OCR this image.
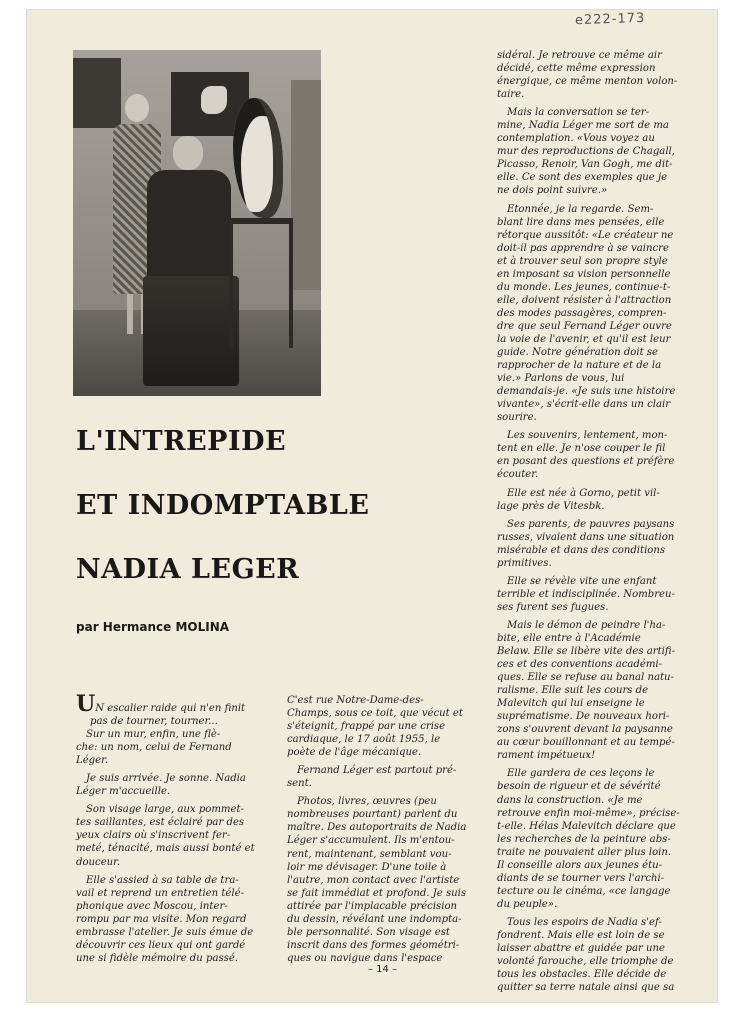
e222-173
L'INTREPIDE
ET INDOMPTABLE
NADIA LEGER
par Hermance MOLINA

UN escalier raide qui n'en finit

pas de tourner, tourner...

Sur un mur, enfin, une flè-

che: un nom, celui de Fernand

Léger.

Je suis arrivée. Je sonne. Nadia

Léger m'accueille.

Son visage large, aux pommet-

tes saillantes, est éclairé par des

yeux clairs où s'inscrivent fer-

meté, ténacité, mais aussi bonté et

douceur.

Elle s'assied à sa table de tra-

vail et reprend un entretien télé-

phonique avec Moscou, inter-

rompu par ma visite. Mon regard

embrasse l'atelier. Je suis émue de

découvrir ces lieux qui ont gardé

une si fidèle mémoire du passé.

C'est rue Notre-Dame-des-

Champs, sous ce toit, que vécut et

s'éteignit, frappé par une crise

cardiaque, le 17 août 1955, le

poète de l'âge mécanique.

Fernand Léger est partout pré-

sent.

Photos, livres, œuvres (peu

nombreuses pourtant) parlent du

maître. Des autoportraits de Nadia

Léger s'accumulent. Ils m'entou-

rent, maintenant, semblant vou-

loir me dévisager. D'une toile à

l'autre, mon contact avec l'artiste

se fait immédiat et profond. Je suis

attirée par l'implacable précision

du dessin, révélant une indompta-

ble personnalité. Son visage est

inscrit dans des formes géométri-

ques ou navigue dans l'espace

sidéral. Je retrouve ce même air

décidé, cette même expression

énergique, ce même menton volon-

taire.

Mais la conversation se ter-

mine, Nadia Léger me sort de ma

contemplation. «Vous voyez au

mur des reproductions de Chagall,

Picasso, Renoir, Van Gogh, me dit-

elle. Ce sont des exemples que je

ne dois point suivre.»

Etonnée, je la regarde. Sem-

blant lire dans mes pensées, elle

rétorque aussitôt: «Le créateur ne

doit-il pas apprendre à se vaincre

et à trouver seul son propre style

en imposant sa vision personnelle

du monde. Les jeunes, continue-t-

elle, doivent résister à l'attraction

des modes passagères, compren-

dre que seul Fernand Léger ouvre

la voie de l'avenir, et qu'il est leur

guide. Notre génération doit se

rapprocher de la nature et de la

vie.» Parlons de vous, lui

demandais-je. «Je suis une histoire

vivante», s'écrit-elle dans un clair

sourire.

Les souvenirs, lentement, mon-

tent en elle. Je n'ose couper le fil

en posant des questions et préfère

écouter.

Elle est née à Gorno, petit vil-

lage près de Vitesbk.

Ses parents, de pauvres paysans

russes, vivaient dans une situation

misérable et dans des conditions

primitives.

Elle se révèle vite une enfant

terrible et indisciplinée. Nombreu-

ses furent ses fugues.

Mais le démon de peindre l'ha-

bite, elle entre à l'Académie

Belaw. Elle se libère vite des artifi-

ces et des conventions académi-

ques. Elle se refuse au banal natu-

ralisme. Elle suit les cours de

Malevitch qui lui enseigne le

suprématisme. De nouveaux hori-

zons s'ouvrent devant la paysanne

au cœur bouillonnant et au tempé-

rament impétueux!

Elle gardera de ces leçons le

besoin de rigueur et de sévérité

dans la construction. «Je me

retrouve enfin moi-même», précise-

t-elle. Hélas Malevitch déclare que

les recherches de la peinture abs-

traite ne pouvaient aller plus loin.

Il conseille alors aux jeunes étu-

diants de se tourner vers l'archi-

tecture ou le cinéma, «ce langage

du peuple».

Tous les espoirs de Nadia s'ef-

fondrent. Mais elle est loin de se

laisser abattre et guidée par une

volonté farouche, elle triomphe de

tous les obstacles. Elle décide de

quitter sa terre natale ainsi que sa

– 14 –
